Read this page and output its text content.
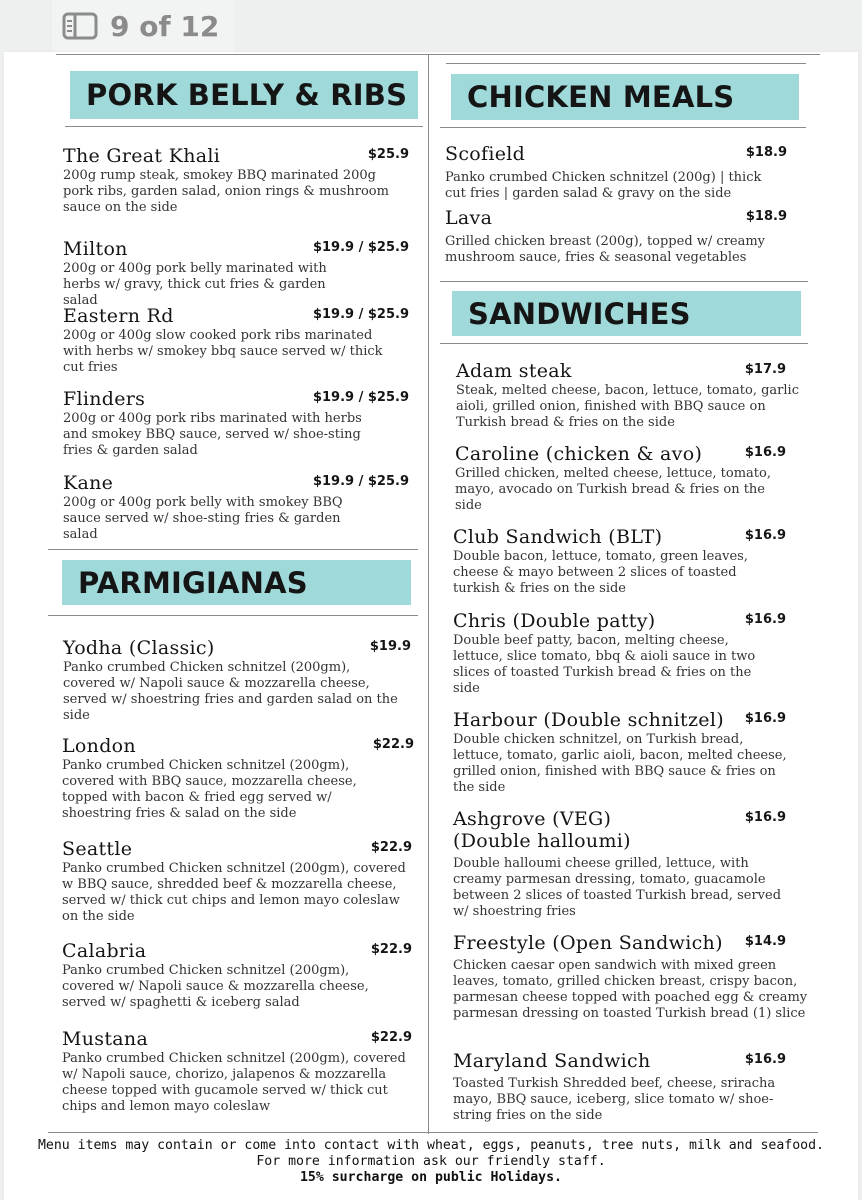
9 of 12
PORK BELLY & RIBS CHICKEN MEALS
SANDWICHES
PARMIGIANAS
The Great Khali	$25.9
200g rump steak, smokey BBQ marinated 200g pork ribs, garden salad, onion rings & mushroom sauce on the side
Milton	$19.9 / $25.9
200g or 400g pork belly marinated with herbs w/ gravy, thick cut fries & garden salad
Eastern Rd	$19.9 / $25.9
200g or 400g slow cooked pork ribs marinated with herbs w/ smokey bbq sauce served w/ thick cut fries
Flinders	$19.9 / $25.9
200g or 400g pork ribs marinated with herbs and smokey BBQ sauce, served w/ shoe-sting fries & garden salad
Kane	$19.9 / $25.9
200g or 400g pork belly with smokey BBQ sauce served w/ shoe-sting fries & garden salad
Yodha (Classic)	$19.9
Panko crumbed Chicken schnitzel (200gm), covered w/ Napoli sauce & mozzarella cheese, served w/ shoestring fries and garden salad on the side
London	$22.9
Panko crumbed Chicken schnitzel (200gm), covered with BBQ sauce, mozzarella cheese, topped with bacon & fried egg served w/ shoestring fries & salad on the side
Seattle	$22.9
Panko crumbed Chicken schnitzel (200gm), covered w BBQ sauce, shredded beef & mozzarella cheese, served w/ thick cut chips and lemon mayo coleslaw on the side
Calabria	$22.9
Panko crumbed Chicken schnitzel (200gm), covered w/ Napoli sauce & mozzarella cheese, served w/ spaghetti & iceberg salad
Mustana	$22.9
Panko crumbed Chicken schnitzel (200gm), covered w/ Napoli sauce, chorizo, jalapenos & mozzarella cheese topped with gucamole served w/ thick cut chips and lemon mayo coleslaw
Scofield	$18.9
Panko crumbed Chicken schnitzel (200g) | thick cut fries | garden salad & gravy on the side
Lava	$18.9
Grilled chicken breast (200g), topped w/ creamy mushroom sauce, fries & seasonal vegetables
Adam steak	$17.9
Steak, melted cheese, bacon, lettuce, tomato, garlic aioli, grilled onion, finished with BBQ sauce on Turkish bread & fries on the side
Caroline (chicken & avo)	$16.9
Grilled chicken, melted cheese, lettuce, tomato, mayo, avocado on Turkish bread & fries on the side
Club Sandwich (BLT)	$16.9
Double bacon, lettuce, tomato, green leaves, cheese & mayo between 2 slices of toasted turkish & fries on the side
Chris (Double patty)	$16.9
Double beef patty, bacon, melting cheese, lettuce, slice tomato, bbq & aioli sauce in two slices of toasted Turkish bread & fries on the side
Harbour (Double schnitzel)	$16.9
Double chicken schnitzel, on Turkish bread, lettuce, tomato, garlic aioli, bacon, melted cheese, grilled onion, finished with BBQ sauce & fries on the side
Ashgrove (VEG)
(Double halloumi)
$16.9
Double halloumi cheese grilled, lettuce, with creamy parmesan dressing, tomato, guacamole between 2 slices of toasted Turkish bread, served w/ shoestring fries
Freestyle (Open Sandwich)	$14.9
Chicken caesar open sandwich with mixed green leaves, tomato, grilled chicken breast, crispy bacon, parmesan cheese topped with poached egg & creamy parmesan dressing on toasted Turkish bread (1) slice
Maryland Sandwich	$16.9
Toasted Turkish Shredded beef, cheese, sriracha mayo, BBQ sauce, iceberg, slice tomato w/ shoe-string fries on the side
Menu items may contain or come into contact with wheat, eggs, peanuts, tree nuts, milk and seafood.
For more information ask our friendly staff.
15% surcharge on public Holidays.
